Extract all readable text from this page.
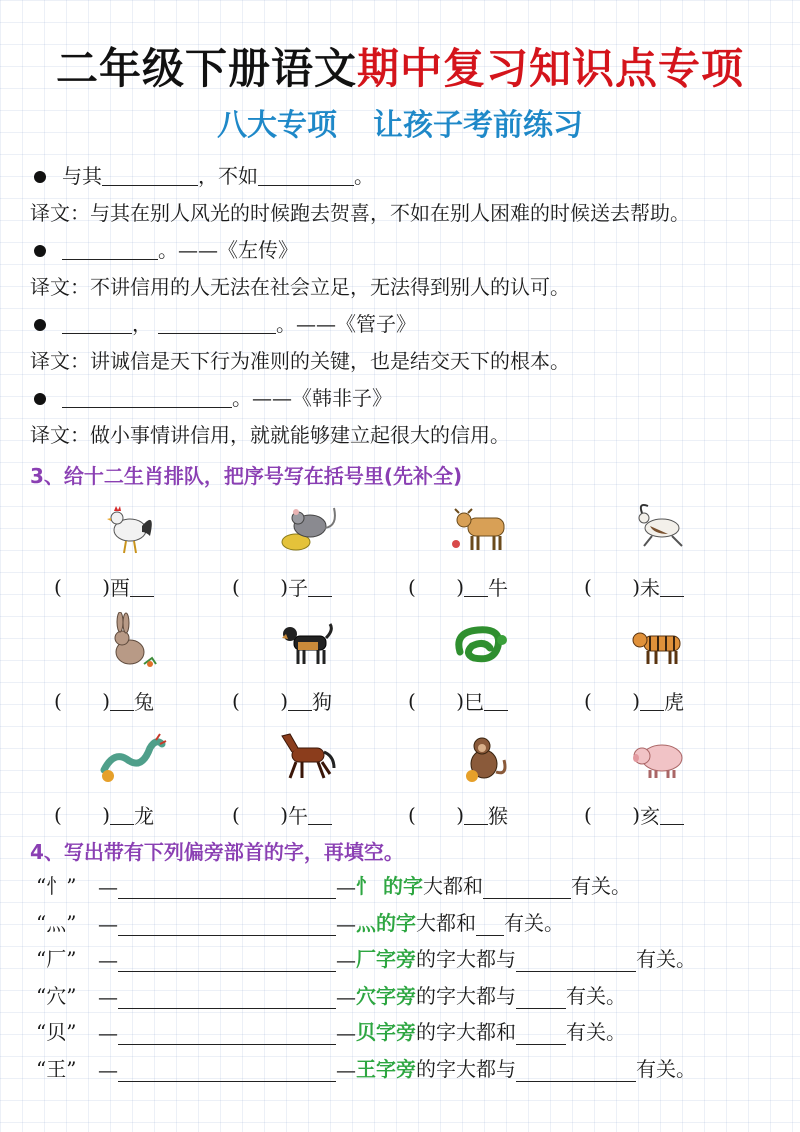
二年级下册语文期中复习知识点专项
八大专项 让孩子考前练习
与其	，不如	。
译文：与其在别人风光的时候跑去贺喜，不如在别人困难的时候送去帮助。
。——《左传》
译文：不讲信用的人无法在社会立足，无法得到别人的认可。
，	。——《管子》
译文：讲诚信是天下行为准则的关键，也是结交天下的根本。
。——《韩非子》
译文：做小事情讲信用，就就能够建立起很大的信用。
3、给十二生肖排队，把序号写在括号里(先补全)
( ) 酉	( ) 子	( ) 牛	( ) 未
( ) 兔	( ) 狗	( ) 巳	( ) 虎
( ) 龙	( ) 午	( ) 猴	( ) 亥
4、写出带有下列偏旁部首的字，再填空。
“忄”	—	— 忄 的字 大都和	有关。
“灬”	—	— 灬的字 大都和 有关。
“厂”	—	— 厂字旁 的字大都与	有关。
“穴”	—	— 穴字旁 的字大都与	有关。
“贝”	—	— 贝字旁 的字大都和	有关。
“王”	—	— 王字旁 的字大都与	有关。
